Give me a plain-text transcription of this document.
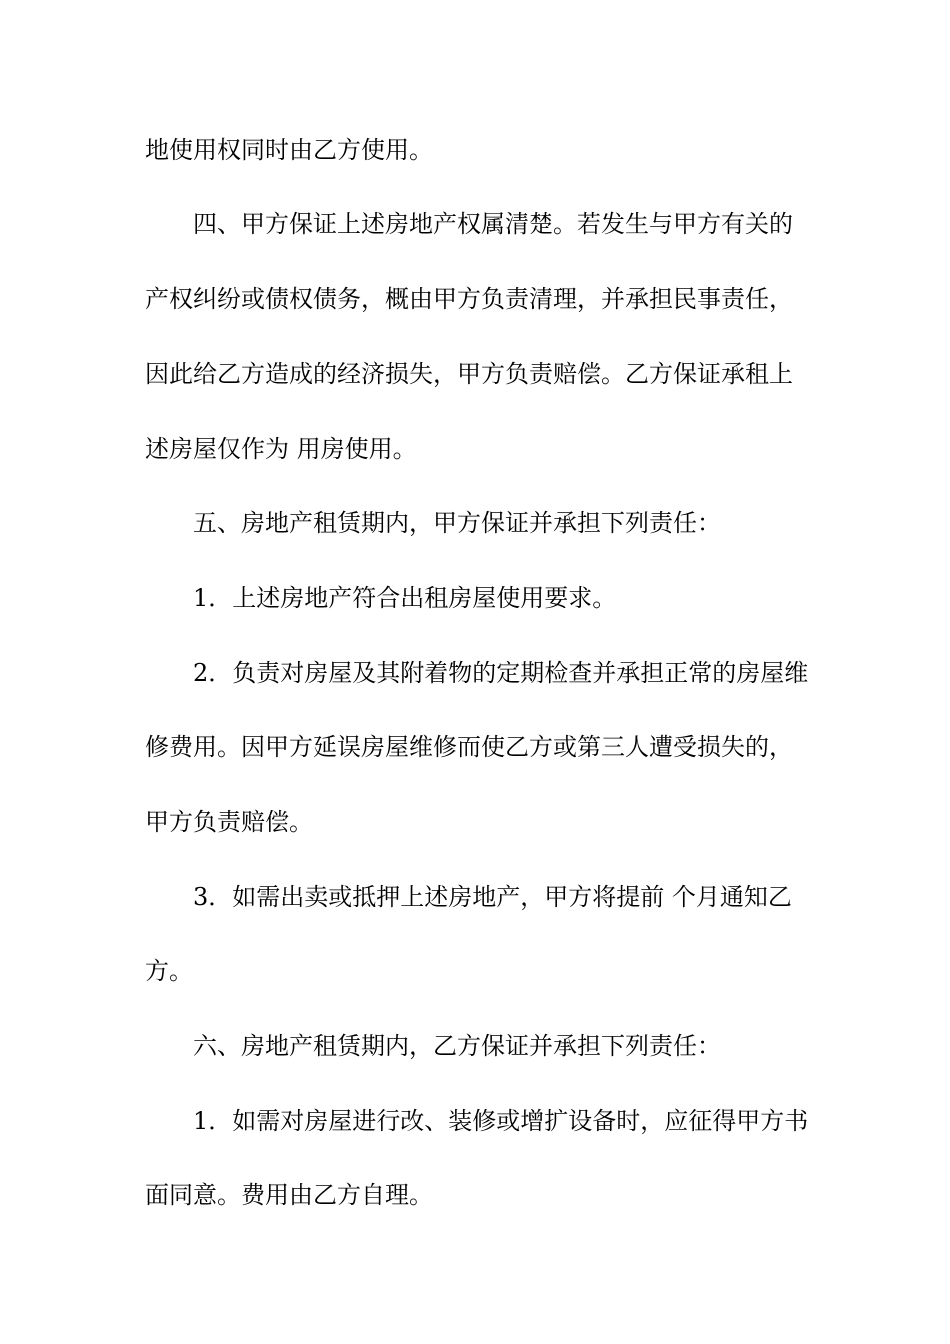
地使用权同时由乙方使用。
　　四、甲方保证上述房地产权属清楚。若发生与甲方有关的
产权纠纷或债权债务，概由甲方负责清理，并承担民事责任，
因此给乙方造成的经济损失，甲方负责赔偿。乙方保证承租上
述房屋仅作为 用房使用。
　　五、房地产租赁期内，甲方保证并承担下列责任：
　　1．上述房地产符合出租房屋使用要求。
　　2．负责对房屋及其附着物的定期检查并承担正常的房屋维
修费用。因甲方延误房屋维修而使乙方或第三人遭受损失的，
甲方负责赔偿。
　　3．如需出卖或抵押上述房地产，甲方将提前 个月通知乙
方。
　　六、房地产租赁期内，乙方保证并承担下列责任：
　　1．如需对房屋进行改、装修或增扩设备时，应征得甲方书
面同意。费用由乙方自理。
